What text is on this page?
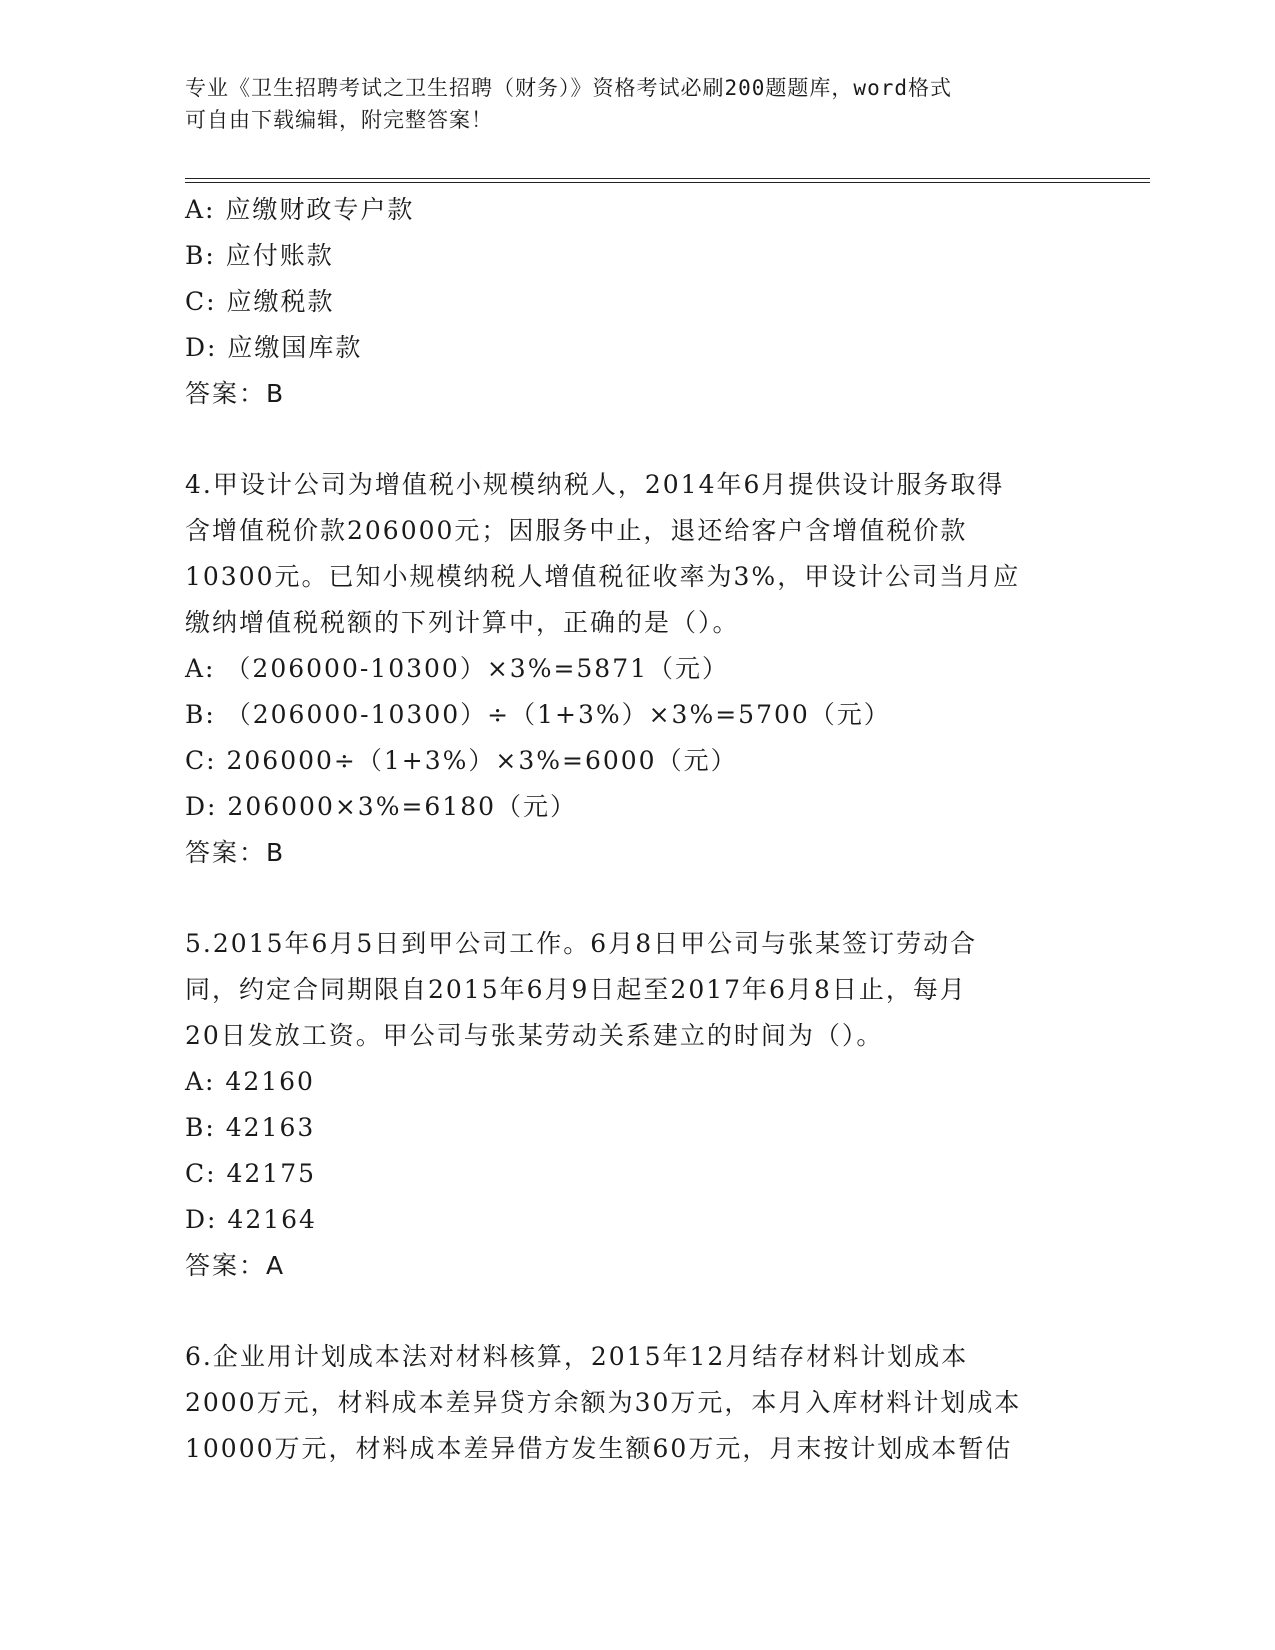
专业《卫生招聘考试之卫生招聘（财务）》资格考试必刷200题题库，word格式
可自由下载编辑，附完整答案！
A: 应缴财政专户款
B: 应付账款
C: 应缴税款
D: 应缴国库款
答案：B
4.甲设计公司为增值税小规模纳税人，2014年6月提供设计服务取得
含增值税价款206000元；因服务中止，退还给客户含增值税价款
10300元。已知小规模纳税人增值税征收率为3%，甲设计公司当月应
缴纳增值税税额的下列计算中，正确的是（）。
A: （206000-10300）×3%=5871（元）
B: （206000-10300）÷（1+3%）×3%=5700（元）
C: 206000÷（1+3%）×3%=6000（元）
D: 206000×3%=6180（元）
答案：B
5.2015年6月5日到甲公司工作。6月8日甲公司与张某签订劳动合
同，约定合同期限自2015年6月9日起至2017年6月8日止，每月
20日发放工资。甲公司与张某劳动关系建立的时间为（）。
A: 42160
B: 42163
C: 42175
D: 42164
答案：A
6.企业用计划成本法对材料核算，2015年12月结存材料计划成本
2000万元，材料成本差异贷方余额为30万元，本月入库材料计划成本
10000万元，材料成本差异借方发生额60万元，月末按计划成本暂估
